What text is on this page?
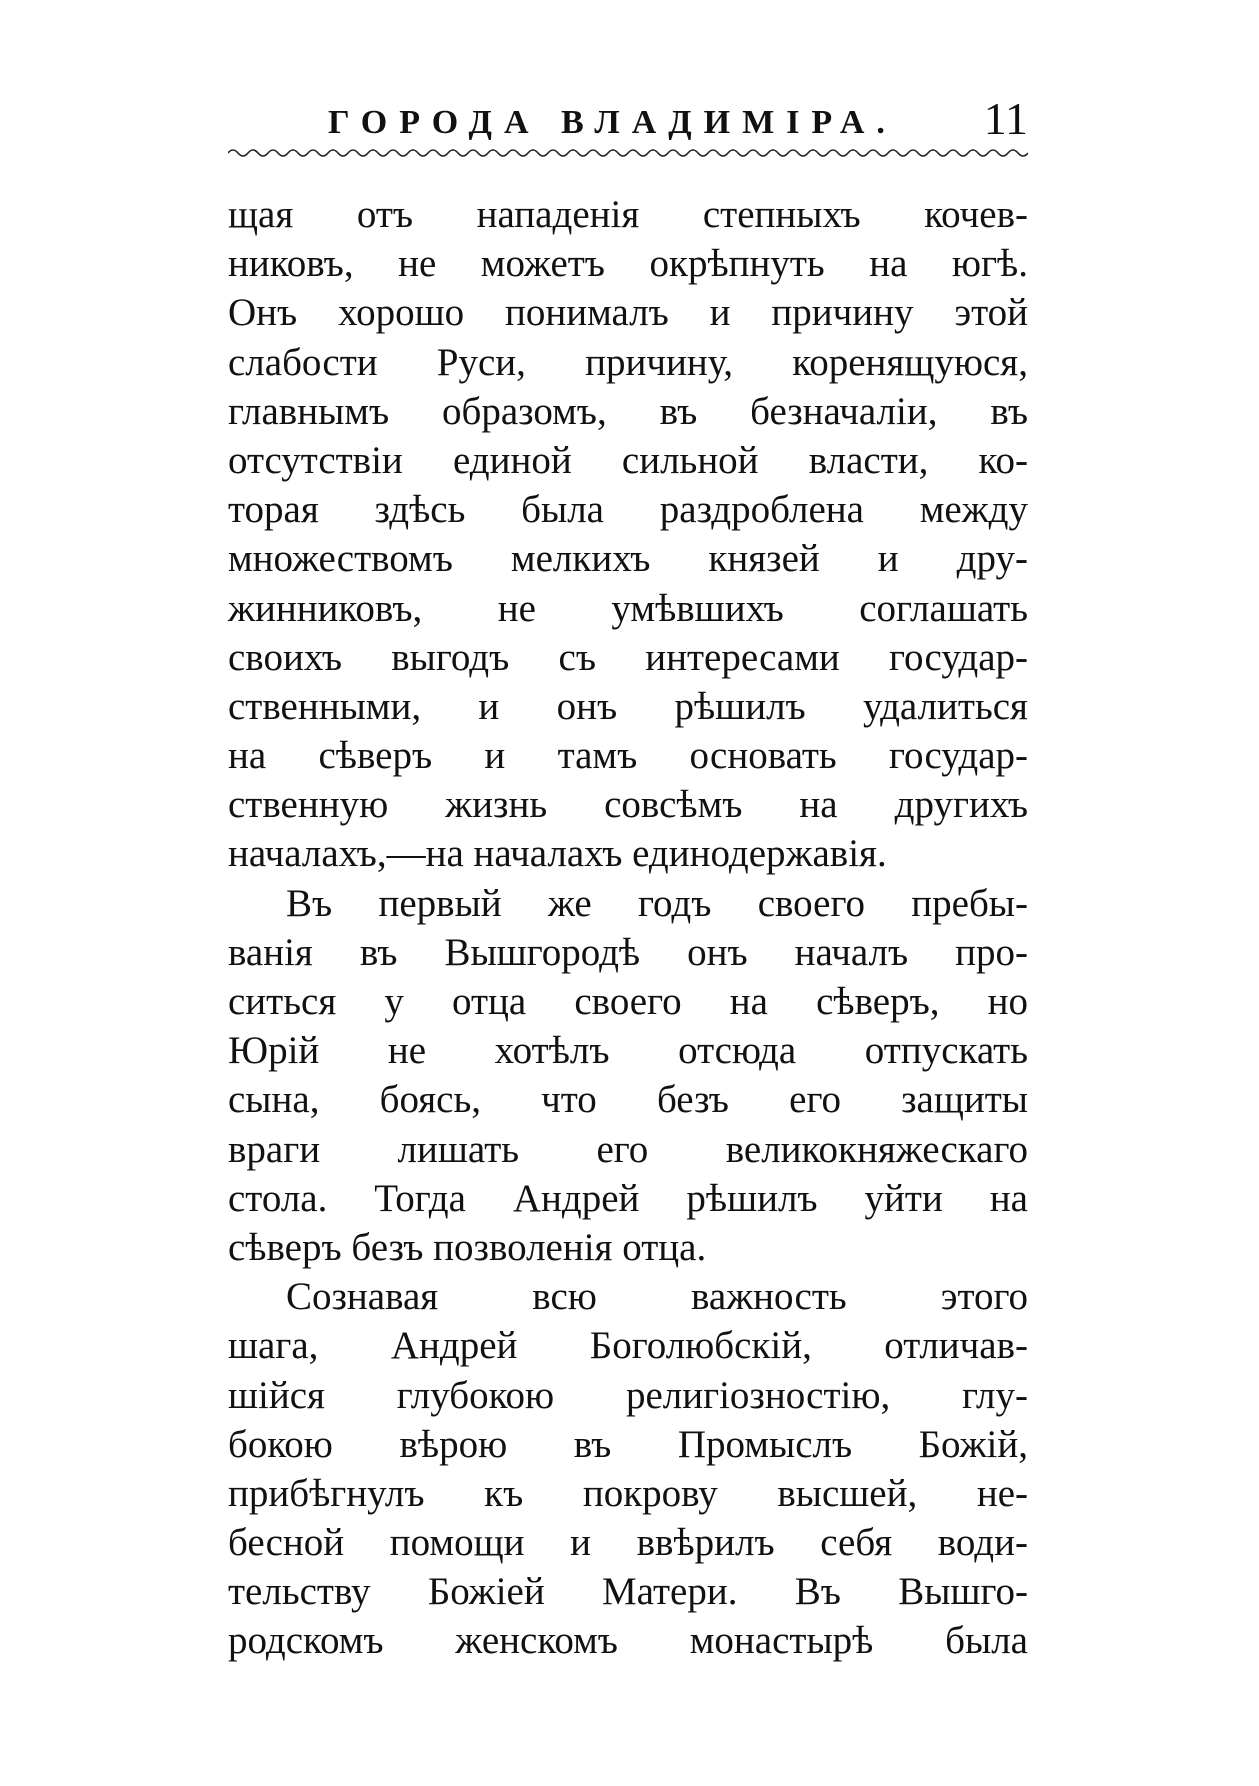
ГОРОДА ВЛАДИМІРА. 11
щая отъ нападенія степныхъ кочев-
никовъ, не можетъ окрѣпнуть на югѣ.
Онъ хорошо понималъ и причину этой
слабости Руси, причину, коренящуюся,
главнымъ образомъ, въ безначаліи, въ
отсутствіи единой сильной власти, ко-
торая здѣсь была раздроблена между
множествомъ мелкихъ князей и дру-
жинниковъ, не умѣвшихъ соглашать
своихъ выгодъ съ интересами государ-
ственными, и онъ рѣшилъ удалиться
на сѣверъ и тамъ основать государ-
ственную жизнь совсѣмъ на другихъ
началахъ,—на началахъ единодержавія.
Въ первый же годъ своего пребы-
ванія въ Вышгородѣ онъ началъ про-
ситься у отца своего на сѣверъ, но
Юрій не хотѣлъ отсюда отпускать
сына, боясь, что безъ его защиты
враги лишать его великокняжескаго
стола. Тогда Андрей рѣшилъ уйти на
сѣверъ безъ позволенія отца.
Сознавая всю важность этого
шага, Андрей Боголюбскій, отличав-
шійся глубокою религіозностію, глу-
бокою вѣрою въ Промыслъ Божій,
прибѣгнулъ къ покрову высшей, не-
бесной помощи и ввѣрилъ себя води-
тельству Божіей Матери. Въ Вышго-
родскомъ женскомъ монастырѣ была
